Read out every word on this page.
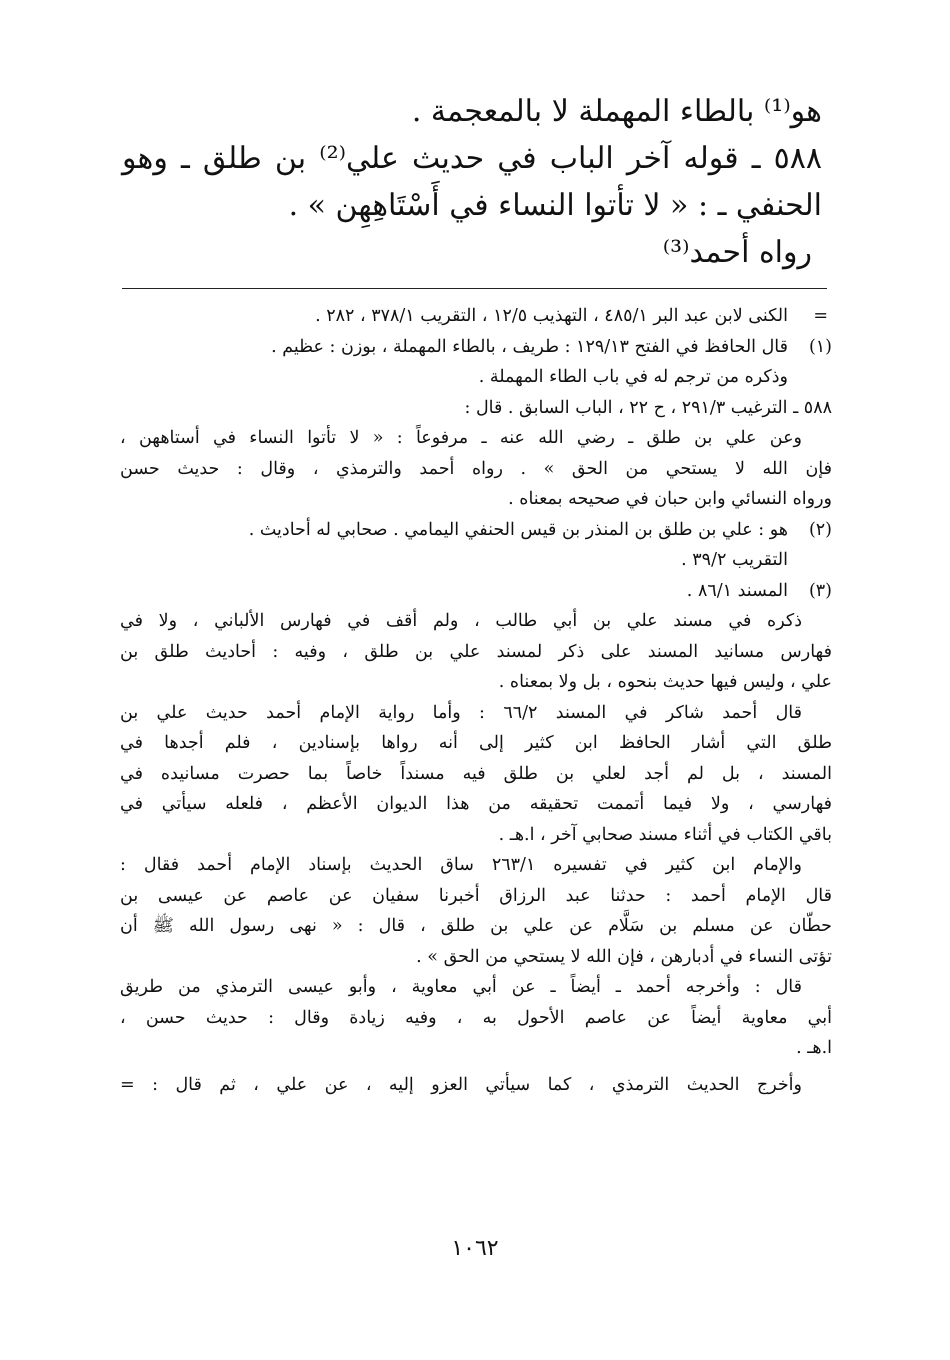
هو⁽¹⁾ بالطاء المهملة لا بالمعجمة .
٥٨٨ ـ قوله آخر الباب في حديث علي⁽²⁾ بن طلق ـ وهو
الحنفي ـ : « لا تأتوا النساء في أَسْتَاهِهِن » .
رواه أحمد⁽³⁾
=
الكنى لابن عبد البر ٤٨٥/١ ، التهذيب ١٢/٥ ، التقريب ٣٧٨/١ ، ٢٨٢ .
(١)
قال الحافظ في الفتح ١٢٩/١٣ : طريف ، بالطاء المهملة ، بوزن : عظيم .
وذكره من ترجم له في باب الطاء المهملة .
٥٨٨ ـ الترغيب ٢٩١/٣ ، ح ٢٢ ، الباب السابق . قال :
وعن علي بن طلق ـ رضي الله عنه ـ مرفوعاً : « لا تأتوا النساء في أستاههن ،
فإن الله لا يستحي من الحق » . رواه أحمد والترمذي ، وقال : حديث حسن
ورواه النسائي وابن حبان في صحيحه بمعناه .
(٢)
هو : علي بن طلق بن المنذر بن قيس الحنفي اليمامي . صحابي له أحاديث .
التقريب ٣٩/٢ .
(٣)
المسند ٨٦/١ .
ذكره في مسند علي بن أبي طالب ، ولم أقف في فهارس الألباني ، ولا في
فهارس مسانيد المسند على ذكر لمسند علي بن طلق ، وفيه : أحاديث طلق بن
علي ، وليس فيها حديث بنحوه ، بل ولا بمعناه .
قال أحمد شاكر في المسند ٦٦/٢ : وأما رواية الإمام أحمد حديث علي بن
طلق التي أشار الحافظ ابن كثير إلى أنه رواها بإسنادين ، فلم أجدها في
المسند ، بل لم أجد لعلي بن طلق فيه مسنداً خاصاً بما حصرت مسانيده في
فهارسي ، ولا فيما أتممت تحقيقه من هذا الديوان الأعظم ، فلعله سيأتي في
باقي الكتاب في أثناء مسند صحابي آخر ، ا.هـ .
والإمام ابن كثير في تفسيره ٢٦٣/١ ساق الحديث بإسناد الإمام أحمد فقال :
قال الإمام أحمد : حدثنا عبد الرزاق أخبرنا سفيان عن عاصم عن عيسى بن
حطّان عن مسلم بن سَلَّام عن علي بن طلق ، قال : « نهى رسول الله ﷺ أن
تؤتى النساء في أدبارهن ، فإن الله لا يستحي من الحق » .
قال : وأخرجه أحمد ـ أيضاً ـ عن أبي معاوية ، وأبو عيسى الترمذي من طريق
أبي معاوية أيضاً عن عاصم الأحول به ، وفيه زيادة وقال : حديث حسن ،
ا.هـ .
وأخرج الحديث الترمذي ، كما سيأتي العزو إليه ، عن علي ، ثم قال : =
١٠٦٢
